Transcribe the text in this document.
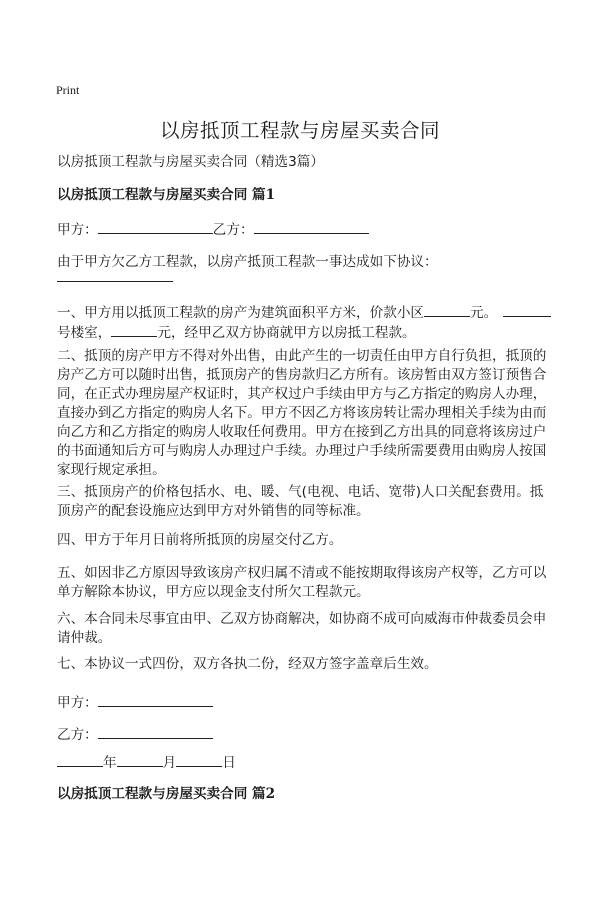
Print
以房抵顶工程款与房屋买卖合同
以房抵顶工程款与房屋买卖合同（精选3篇）
以房抵顶工程款与房屋买卖合同 篇1
甲方：	乙方：
由于甲方欠乙方工程款，以房产抵顶工程款一事达成如下协议：
一、甲方用以抵顶工程款的房产为建筑面积平方米，价款小区	元。
号楼室，	元，经甲乙双方协商就甲方以房抵工程款。
二、抵顶的房产甲方不得对外出售，由此产生的一切责任由甲方自行负担，抵顶的
房产乙方可以随时出售，抵顶房产的售房款归乙方所有。该房暂由双方签订预售合
同，在正式办理房屋产权证时，其产权过户手续由甲方与乙方指定的购房人办理，
直接办到乙方指定的购房人名下。甲方不因乙方将该房转让需办理相关手续为由而
向乙方和乙方指定的购房人收取任何费用。甲方在接到乙方出具的同意将该房过户
的书面通知后方可与购房人办理过户手续。办理过户手续所需要费用由购房人按国
家现行规定承担。
三、抵顶房产的价格包括水、电、暖、气(电视、电话、宽带)人口关配套费用。抵
顶房产的配套设施应达到甲方对外销售的同等标准。
四、甲方于年月日前将所抵顶的房屋交付乙方。
五、如因非乙方原因导致该房产权归属不清或不能按期取得该房产权等，乙方可以
单方解除本协议，甲方应以现金支付所欠工程款元。
六、本合同未尽事宜由甲、乙双方协商解决，如协商不成可向威海市仲裁委员会申
请仲裁。
七、本协议一式四份，双方各执二份，经双方签字盖章后生效。
甲方：
乙方：
年	月	日
以房抵顶工程款与房屋买卖合同 篇2
